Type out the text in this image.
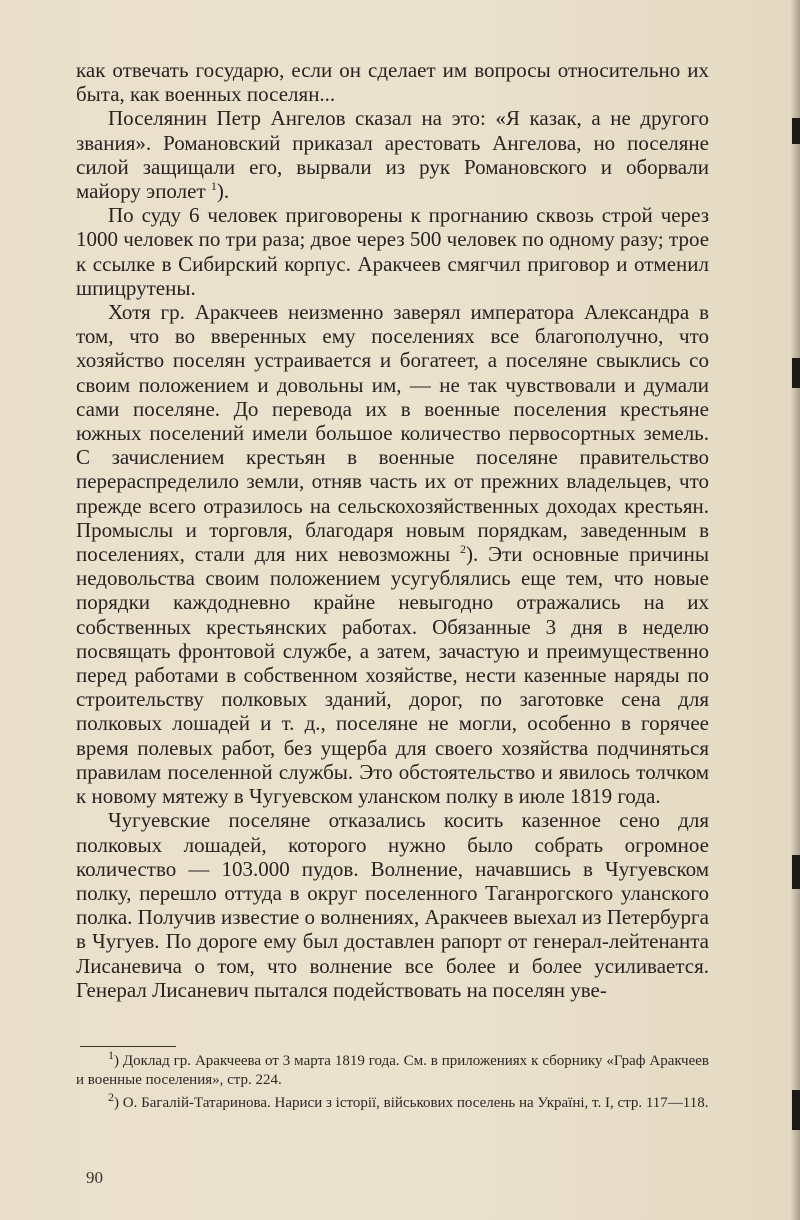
как отвечать государю, если он сделает им вопросы относительно их быта, как военных поселян...

Поселянин Петр Ангелов сказал на это: «Я казак, а не другого звания». Романовский приказал арестовать Ангелова, но поселяне силой защищали его, вырвали из рук Романовского и оборвали майору эполет $^1$).

По суду 6 человек приговорены к прогнанию сквозь строй через 1000 человек по три раза; двое через 500 человек по одному разу; трое к ссылке в Сибирский корпус. Аракчеев смягчил приговор и отменил шпицрутены.

Хотя гр. Аракчеев неизменно заверял императора Александра в том, что во вверенных ему поселениях все благополучно, что хозяйство поселян устраивается и богатеет, а поселяне свыклись со своим положением и довольны им, — не так чувствовали и думали сами поселяне. До перевода их в военные поселения крестьяне южных поселений имели большое количество первосортных земель. С зачислением крестьян в военные поселяне правительство перераспределило земли, отняв часть их от прежних владельцев, что прежде всего отразилось на сельскохозяйственных доходах крестьян. Промыслы и торговля, благодаря новым порядкам, заведенным в поселениях, стали для них невозможны $^2$). Эти основные причины недовольства своим положением усугублялись еще тем, что новые порядки каждодневно крайне невыгодно отражались на их собственных крестьянских работах. Обязанные 3 дня в неделю посвящать фронтовой службе, а затем, зачастую и преимущественно перед работами в собственном хозяйстве, нести казенные наряды по строительству полковых зданий, дорог, по заготовке сена для полковых лошадей и т. д., поселяне не могли, особенно в горячее время полевых работ, без ущерба для своего хозяйства подчиняться правилам поселенной службы. Это обстоятельство и явилось толчком к новому мятежу в Чугуевском уланском полку в июле 1819 года.

Чугуевские поселяне отказались косить казенное сено для полковых лошадей, которого нужно было собрать огромное количество — 103.000 пудов. Волнение, начавшись в Чугуевском полку, перешло оттуда в округ поселенного Таганрогского уланского полка. Получив известие о волнениях, Аракчеев выехал из Петербурга в Чугуев. По дороге ему был доставлен рапорт от генерал-лейтенанта Лисаневича о том, что волнение все более и более усиливается. Генерал Лисаневич пытался подействовать на поселян уве-

$^1$) Доклад гр. Аракчеева от 3 марта 1819 года. См. в приложениях к сборнику «Граф Аракчеев и военные поселения», стр. 224.

$^2$) О. Багалій-Татаринова. Нариси з історії, військових поселень на Україні, т. I, стр. 117—118.

90
